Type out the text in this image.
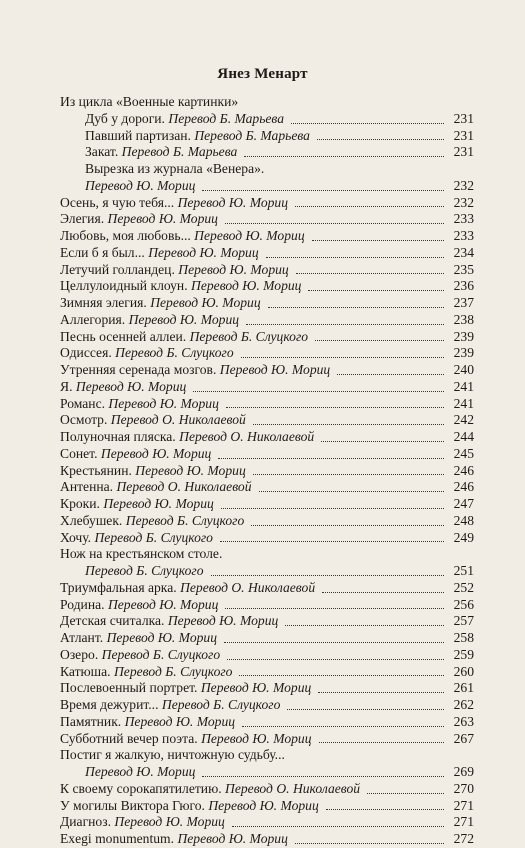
Янез Менарт
Из цикла «Военные картинки»
Дуб у дороги. Перевод Б. Марьева	231
Павший партизан. Перевод Б. Марьева	231
Закат. Перевод Б. Марьева	231
Вырезка из журнала «Венера».
Перевод Ю. Мориц	232
Осень, я чую тебя... Перевод Ю. Мориц	232
Элегия. Перевод Ю. Мориц	233
Любовь, моя любовь... Перевод Ю. Мориц	233
Если б я был... Перевод Ю. Мориц	234
Летучий голландец. Перевод Ю. Мориц	235
Целлулоидный клоун. Перевод Ю. Мориц	236
Зимняя элегия. Перевод Ю. Мориц	237
Аллегория. Перевод Ю. Мориц	238
Песнь осенней аллеи. Перевод Б. Слуцкого	239
Одиссея. Перевод Б. Слуцкого	239
Утренняя серенада мозгов. Перевод Ю. Мориц	240
Я. Перевод Ю. Мориц	241
Романс. Перевод Ю. Мориц	241
Осмотр. Перевод О. Николаевой	242
Полуночная пляска. Перевод О. Николаевой	244
Сонет. Перевод Ю. Мориц	245
Крестьянин. Перевод Ю. Мориц	246
Антенна. Перевод О. Николаевой	246
Кроки. Перевод Ю. Мориц	247
Хлебушек. Перевод Б. Слуцкого	248
Хочу. Перевод Б. Слуцкого	249
Нож на крестьянском столе.
Перевод Б. Слуцкого	251
Триумфальная арка. Перевод О. Николаевой	252
Родина. Перевод Ю. Мориц	256
Детская считалка. Перевод Ю. Мориц	257
Атлант. Перевод Ю. Мориц	258
Озеро. Перевод Б. Слуцкого	259
Катюша. Перевод Б. Слуцкого	260
Послевоенный портрет. Перевод Ю. Мориц	261
Время дежурит... Перевод Б. Слуцкого	262
Памятник. Перевод Ю. Мориц	263
Субботний вечер поэта. Перевод Ю. Мориц	267
Постиг я жалкую, ничтожную судьбу...
Перевод Ю. Мориц	269
К своему сорокапятилетию. Перевод О. Николаевой	270
У могилы Виктора Гюго. Перевод Ю. Мориц	271
Диагноз. Перевод Ю. Мориц	271
Exegi monumentum. Перевод Ю. Мориц	272
